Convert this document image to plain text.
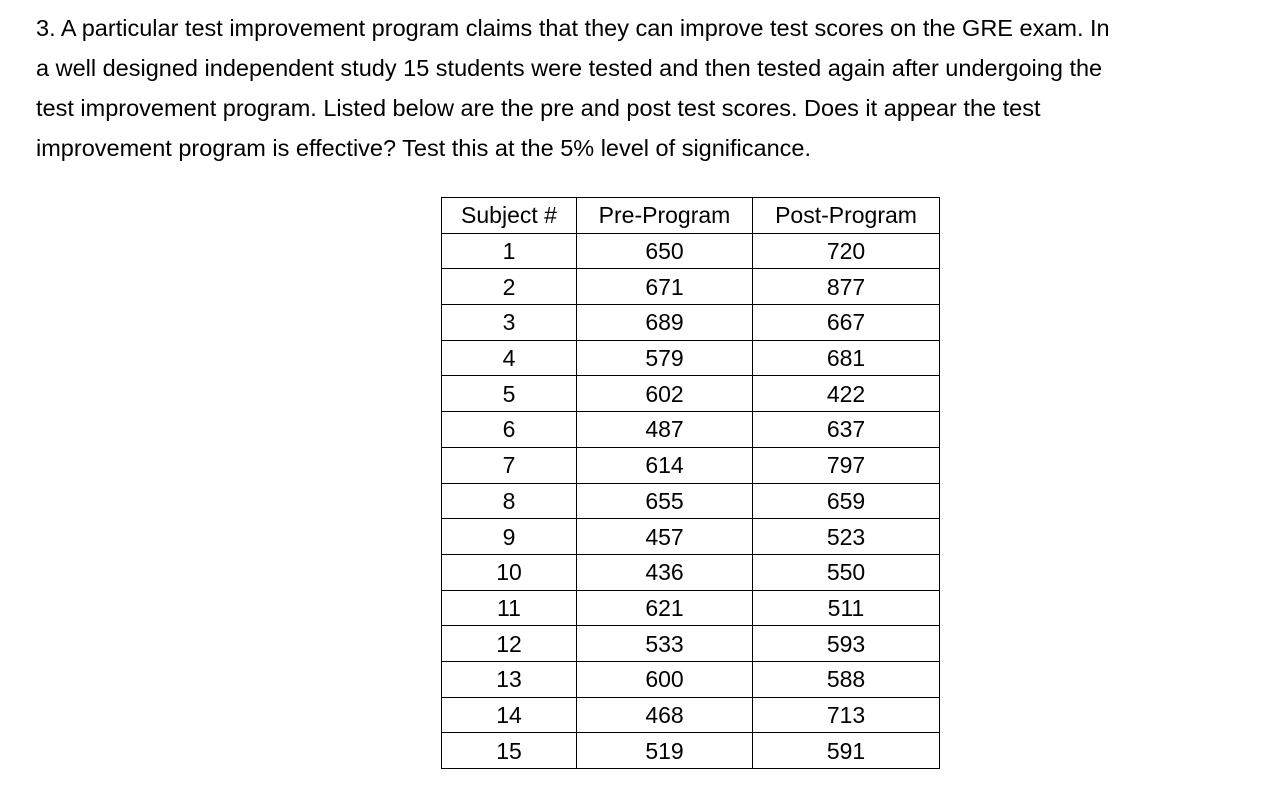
3. A particular test improvement program claims that they can improve test scores on the GRE exam. In
a well designed independent study 15 students were tested and then tested again after undergoing the
test improvement program. Listed below are the pre and post test scores. Does it appear the test
improvement program is effective? Test this at the 5% level of significance.

Subject #	Pre-Program	Post-Program
1	650	720
2	671	877
3	689	667
4	579	681
5	602	422
6	487	637
7	614	797
8	655	659
9	457	523
10	436	550
11	621	511
12	533	593
13	600	588
14	468	713
15	519	591
